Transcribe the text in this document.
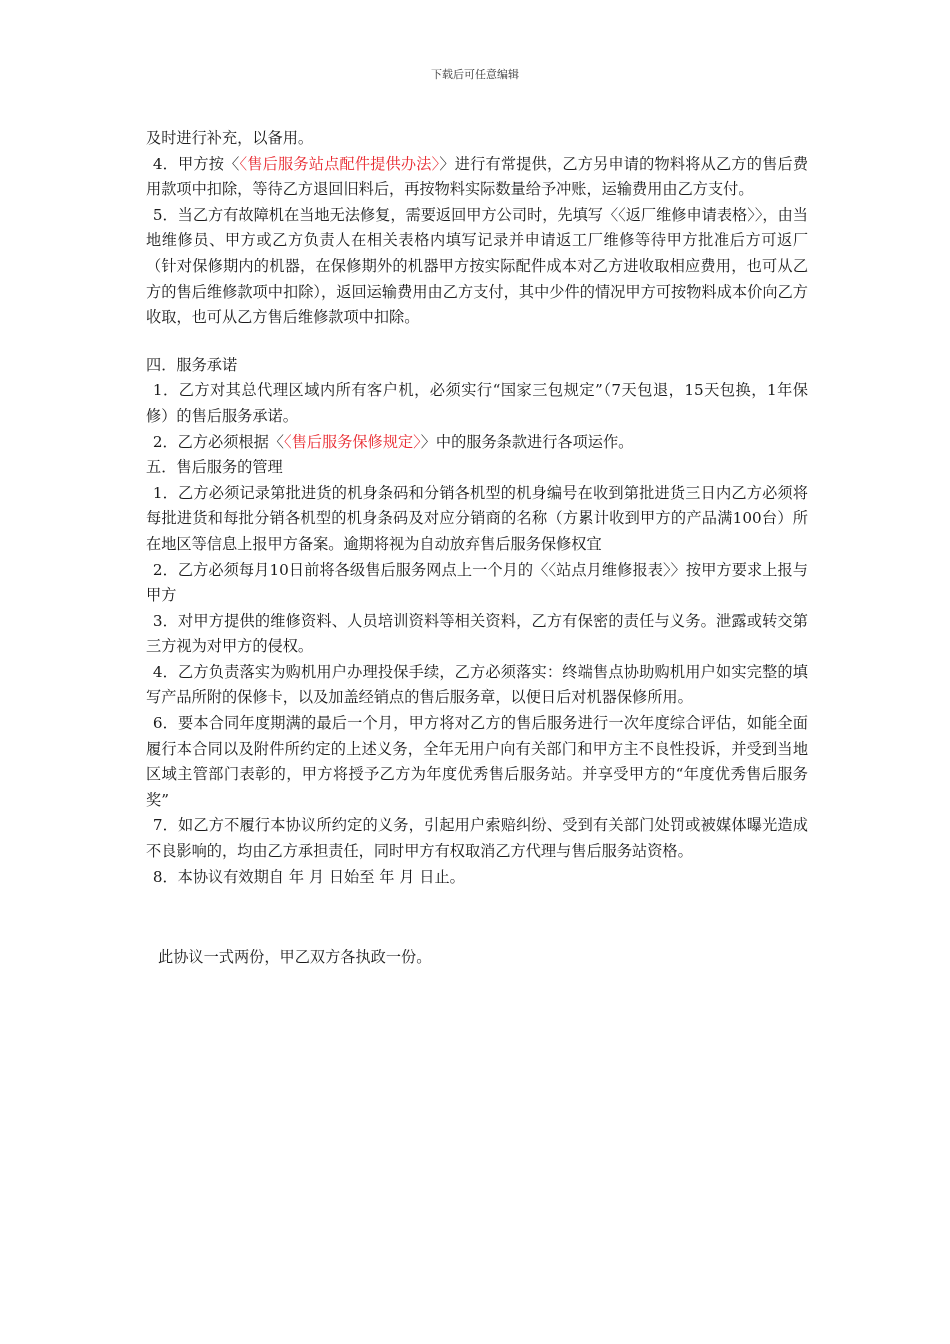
下载后可任意编辑

及时进行补充，以备用。

4．甲方按〈〈售后服务站点配件提供办法〉〉进行有常提供，乙方另申请的物料将从乙方的售后费用款项中扣除，等待乙方退回旧料后，再按物料实际数量给予冲账，运输费用由乙方支付。

5．当乙方有故障机在当地无法修复，需要返回甲方公司时，先填写〈〈返厂维修申请表格〉〉，由当地维修员、甲方或乙方负责人在相关表格内填写记录并申请返工厂维修等待甲方批准后方可返厂（针对保修期内的机器，在保修期外的机器甲方按实际配件成本对乙方进收取相应费用，也可从乙方的售后维修款项中扣除），返回运输费用由乙方支付，其中少件的情况甲方可按物料成本价向乙方收取，也可从乙方售后维修款项中扣除。

四．服务承诺

1．乙方对其总代理区域内所有客户机，必须实行“国家三包规定”（7天包退，15天包换，1年保修）的售后服务承诺。

2．乙方必须根据〈〈售后服务保修规定〉〉中的服务条款进行各项运作。

五．售后服务的管理

1．乙方必须记录第批进货的机身条码和分销各机型的机身编号在收到第批进货三日内乙方必须将每批进货和每批分销各机型的机身条码及对应分销商的名称（方累计收到甲方的产品满100台）所在地区等信息上报甲方备案。逾期将视为自动放弃售后服务保修权宜

2．乙方必须每月10日前将各级售后服务网点上一个月的〈〈站点月维修报表〉〉按甲方要求上报与甲方

3．对甲方提供的维修资料、人员培训资料等相关资料，乙方有保密的责任与义务。泄露或转交第三方视为对甲方的侵权。

4．乙方负责落实为购机用户办理投保手续，乙方必须落实：终端售点协助购机用户如实完整的填写产品所附的保修卡，以及加盖经销点的售后服务章，以便日后对机器保修所用。

6．要本合同年度期满的最后一个月，甲方将对乙方的售后服务进行一次年度综合评估，如能全面履行本合同以及附件所约定的上述义务，全年无用户向有关部门和甲方主不良性投诉，并受到当地区域主管部门表彰的，甲方将授予乙方为年度优秀售后服务站。并享受甲方的“年度优秀售后服务奖”

7．如乙方不履行本协议所约定的义务，引起用户索赔纠纷、受到有关部门处罚或被媒体曝光造成不良影响的，均由乙方承担责任，同时甲方有权取消乙方代理与售后服务站资格。

8．本协议有效期自 年 月 日始至 年 月 日止。

此协议一式两份，甲乙双方各执政一份。
